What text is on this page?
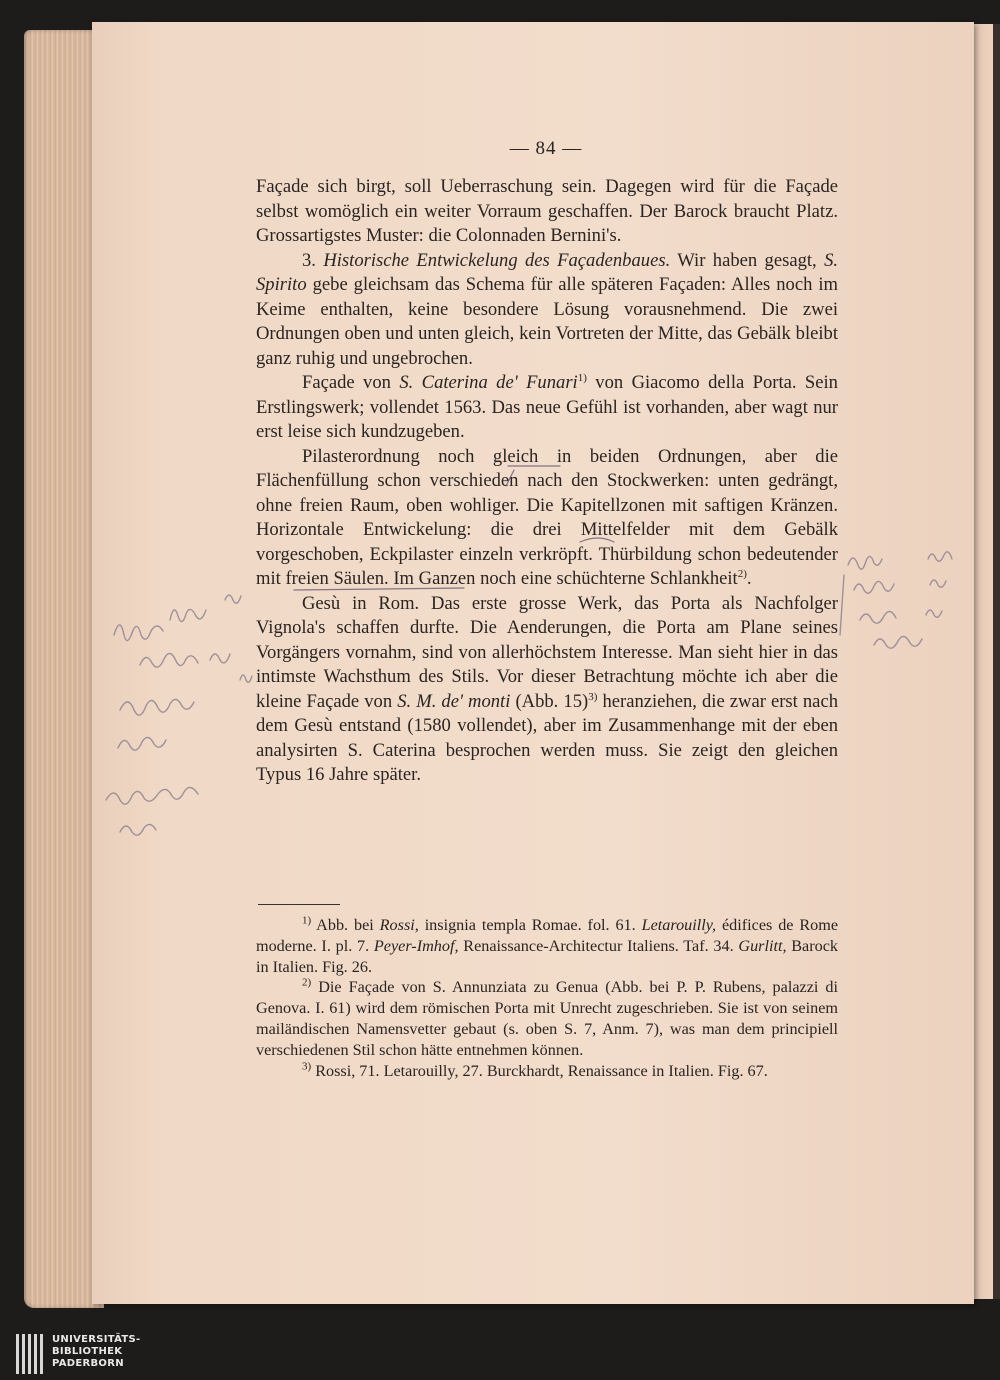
— 84 —

Façade sich birgt, soll Ueberraschung sein. Dagegen wird für die Façade selbst womöglich ein weiter Vorraum geschaffen. Der Barock braucht Platz. Grossartigstes Muster: die Colonnaden Bernini's.

3. Historische Entwickelung des Façadenbaues. Wir haben gesagt, S. Spirito gebe gleichsam das Schema für alle späteren Façaden: Alles noch im Keime enthalten, keine besondere Lösung vorausnehmend. Die zwei Ordnungen oben und unten gleich, kein Vortreten der Mitte, das Gebälk bleibt ganz ruhig und ungebrochen.

Façade von S. Caterina de' Funari$^{1)}$ von Giacomo della Porta. Sein Erstlingswerk; vollendet 1563. Das neue Gefühl ist vorhanden, aber wagt nur erst leise sich kundzugeben.

Pilasterordnung noch gleich in beiden Ordnungen, aber die Flächenfüllung schon verschieden nach den Stockwerken: unten gedrängt, ohne freien Raum, oben wohliger. Die Kapitellzonen mit saftigen Kränzen. Horizontale Entwickelung: die drei Mittelfelder mit dem Gebälk vorgeschoben, Eckpilaster einzeln verkröpft. Thürbildung schon bedeutender mit freien Säulen. Im Ganzen noch eine schüchterne Schlankheit$^{2)}$.

Gesù in Rom. Das erste grosse Werk, das Porta als Nachfolger Vignola's schaffen durfte. Die Aenderungen, die Porta am Plane seines Vorgängers vornahm, sind von allerhöchstem Interesse. Man sieht hier in das intimste Wachsthum des Stils. Vor dieser Betrachtung möchte ich aber die kleine Façade von S. M. de' monti (Abb. 15)$^{3)}$ heranziehen, die zwar erst nach dem Gesù entstand (1580 vollendet), aber im Zusammenhange mit der eben analysirten S. Caterina besprochen werden muss. Sie zeigt den gleichen Typus 16 Jahre später.

$^{1)}$ Abb. bei Rossi, insignia templa Romae. fol. 61. Letarouilly, édifices de Rome moderne. I. pl. 7. Peyer-Imhof, Renaissance-Architectur Italiens. Taf. 34. Gurlitt, Barock in Italien. Fig. 26.

$^{2)}$ Die Façade von S. Annunziata zu Genua (Abb. bei P. P. Rubens, palazzi di Genova. I. 61) wird dem römischen Porta mit Unrecht zugeschrieben. Sie ist von seinem mailändischen Namensvetter gebaut (s. oben S. 7, Anm. 7), was man dem principiell verschiedenen Stil schon hätte entnehmen können.

$^{3)}$ Rossi, 71. Letarouilly, 27. Burckhardt, Renaissance in Italien. Fig. 67.

UNIVERSITÄTS-
BIBLIOTHEK
PADERBORN
